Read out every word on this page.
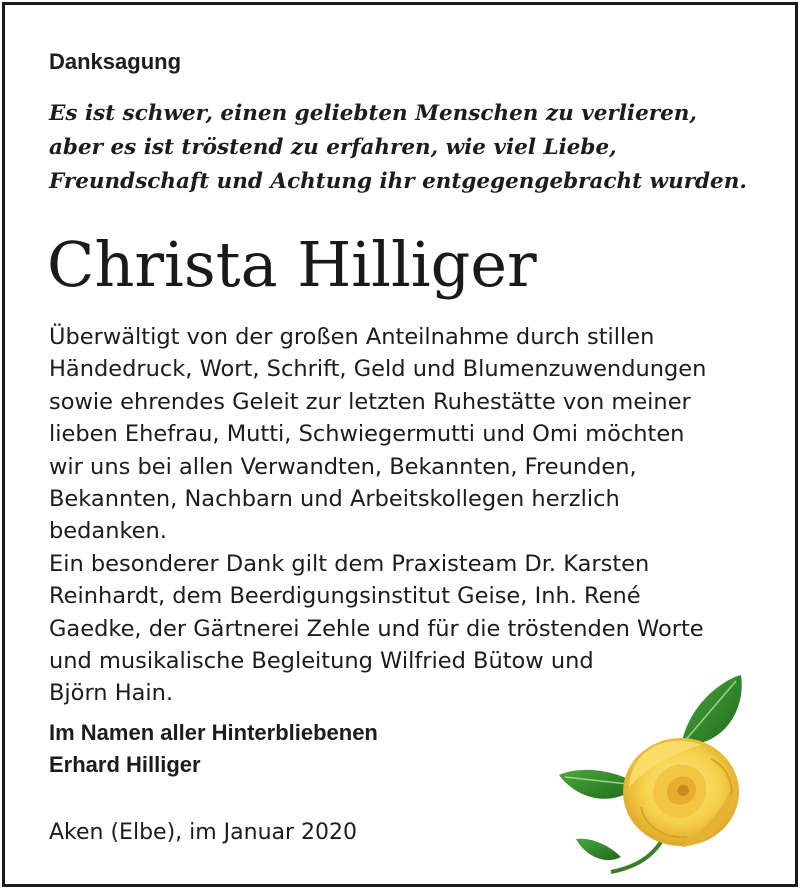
Danksagung
Es ist schwer, einen geliebten Menschen zu verlieren,
aber es ist tröstend zu erfahren, wie viel Liebe,
Freundschaft und Achtung ihr entgegengebracht wurden.
Christa Hilliger
Überwältigt von der großen Anteilnahme durch stillen
Händedruck, Wort, Schrift, Geld und Blumenzuwendungen
sowie ehrendes Geleit zur letzten Ruhestätte von meiner
lieben Ehefrau, Mutti, Schwiegermutti und Omi möchten
wir uns bei allen Verwandten, Bekannten, Freunden,
Bekannten, Nachbarn und Arbeitskollegen herzlich
bedanken.
Ein besonderer Dank gilt dem Praxisteam Dr. Karsten
Reinhardt, dem Beerdigungsinstitut Geise, Inh. René
Gaedke, der Gärtnerei Zehle und für die tröstenden Worte
und musikalische Begleitung Wilfried Bütow und
Björn Hain.
Im Namen aller Hinterbliebenen
Erhard Hilliger
Aken (Elbe), im Januar 2020
